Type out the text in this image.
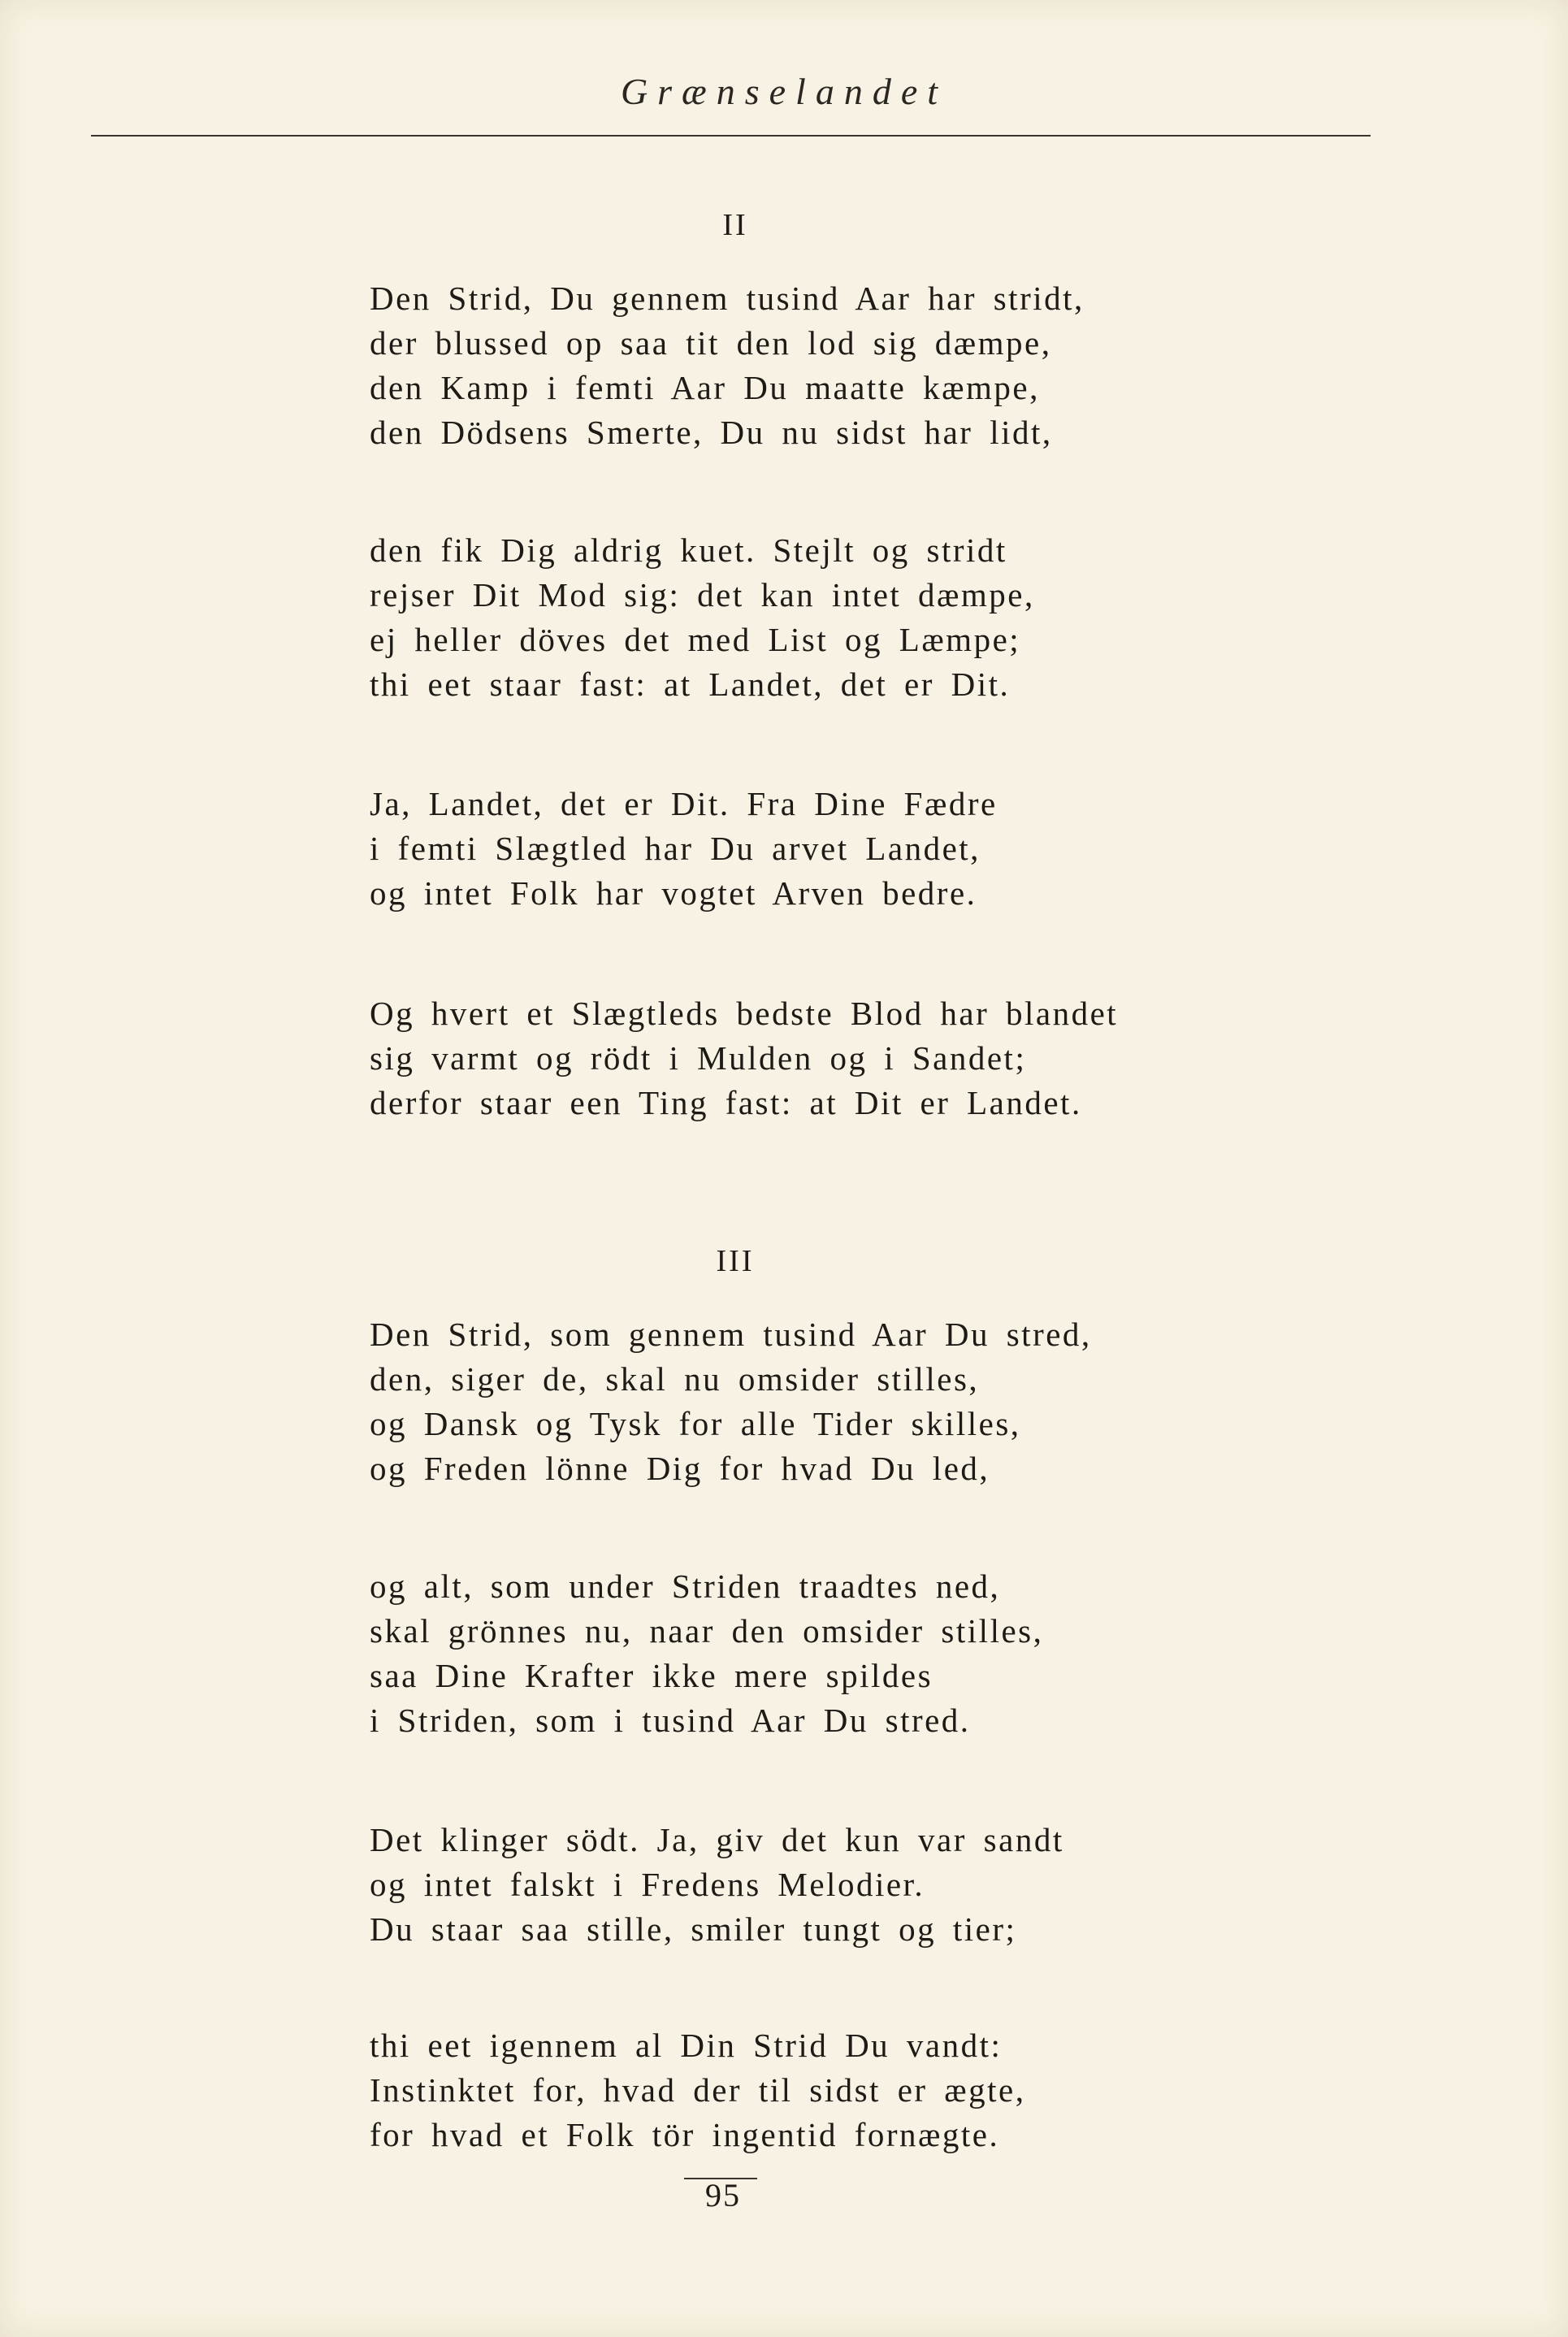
Grænselandet
II
Den Strid, Du gennem tusind Aar har stridt,
der blussed op saa tit den lod sig dæmpe,
den Kamp i femti Aar Du maatte kæmpe,
den Dödsens Smerte, Du nu sidst har lidt,
den fik Dig aldrig kuet. Stejlt og stridt
rejser Dit Mod sig: det kan intet dæmpe,
ej heller döves det med List og Læmpe;
thi eet staar fast: at Landet, det er Dit.
Ja, Landet, det er Dit. Fra Dine Fædre
i femti Slægtled har Du arvet Landet,
og intet Folk har vogtet Arven bedre.
Og hvert et Slægtleds bedste Blod har blandet
sig varmt og rödt i Mulden og i Sandet;
derfor staar een Ting fast: at Dit er Landet.
III
Den Strid, som gennem tusind Aar Du stred,
den, siger de, skal nu omsider stilles,
og Dansk og Tysk for alle Tider skilles,
og Freden lönne Dig for hvad Du led,
og alt, som under Striden traadtes ned,
skal grönnes nu, naar den omsider stilles,
saa Dine Krafter ikke mere spildes
i Striden, som i tusind Aar Du stred.
Det klinger södt. Ja, giv det kun var sandt
og intet falskt i Fredens Melodier.
Du staar saa stille, smiler tungt og tier;
thi eet igennem al Din Strid Du vandt:
Instinktet for, hvad der til sidst er ægte,
for hvad et Folk tör ingentid fornægte.
95
